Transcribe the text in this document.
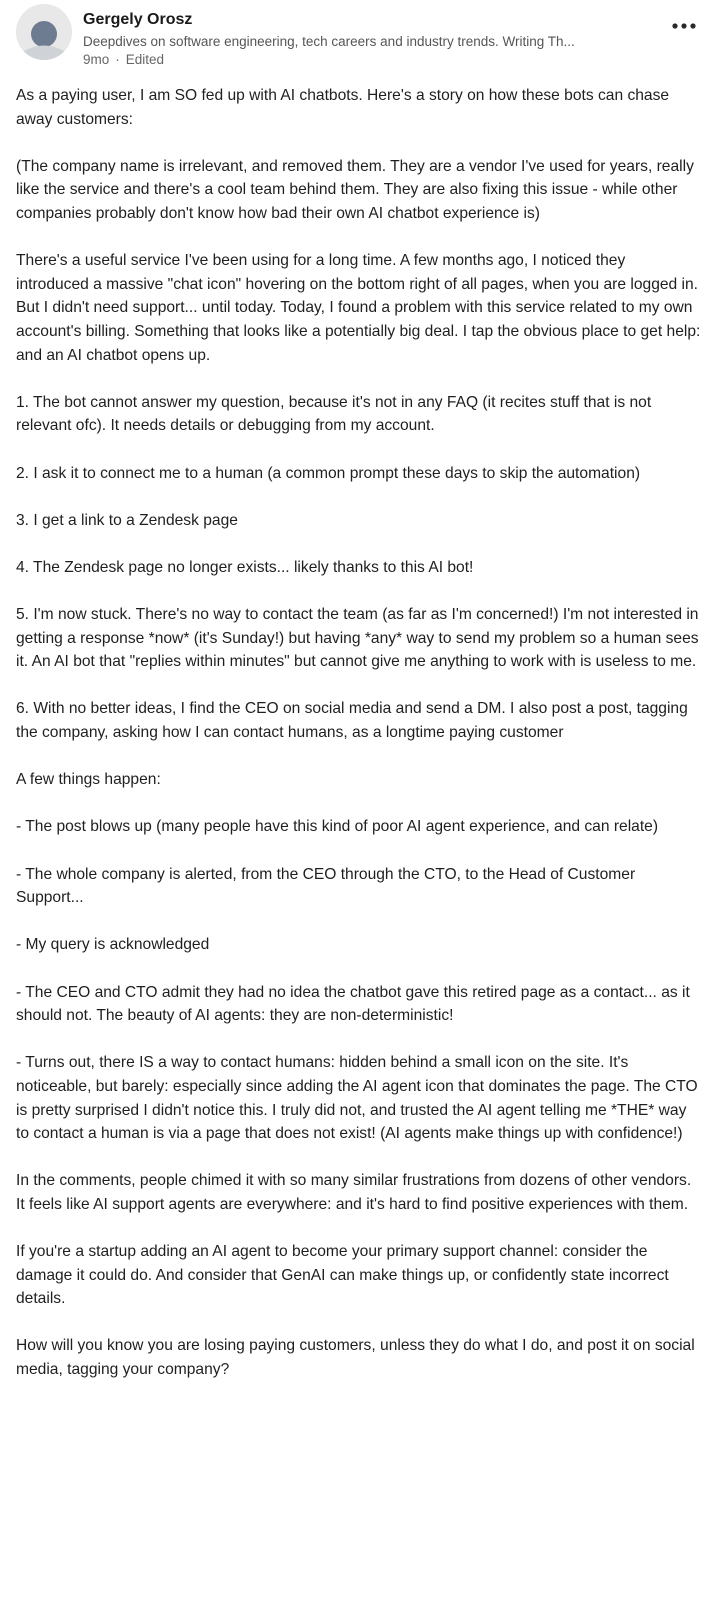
Gergely Orosz
Deepdives on software engineering, tech careers and industry trends. Writing Th...
9mo · Edited

As a paying user, I am SO fed up with AI chatbots. Here's a story on how these bots can chase away customers:

(The company name is irrelevant, and removed them. They are a vendor I've used for years, really like the service and there's a cool team behind them. They are also fixing this issue - while other companies probably don't know how bad their own AI chatbot experience is)

There's a useful service I've been using for a long time. A few months ago, I noticed they introduced a massive "chat icon" hovering on the bottom right of all pages, when you are logged in. But I didn't need support... until today. Today, I found a problem with this service related to my own account's billing. Something that looks like a potentially big deal. I tap the obvious place to get help: and an AI chatbot opens up.

1. The bot cannot answer my question, because it's not in any FAQ (it recites stuff that is not relevant ofc). It needs details or debugging from my account.

2. I ask it to connect me to a human (a common prompt these days to skip the automation)

3. I get a link to a Zendesk page

4. The Zendesk page no longer exists... likely thanks to this AI bot!

5. I'm now stuck. There's no way to contact the team (as far as I'm concerned!) I'm not interested in getting a response *now* (it's Sunday!) but having *any* way to send my problem so a human sees it. An AI bot that "replies within minutes" but cannot give me anything to work with is useless to me.

6. With no better ideas, I find the CEO on social media and send a DM. I also post a post, tagging the company, asking how I can contact humans, as a longtime paying customer

A few things happen:

- The post blows up (many people have this kind of poor AI agent experience, and can relate)

- The whole company is alerted, from the CEO through the CTO, to the Head of Customer Support...

- My query is acknowledged

- The CEO and CTO admit they had no idea the chatbot gave this retired page as a contact... as it should not. The beauty of AI agents: they are non-deterministic!

- Turns out, there IS a way to contact humans: hidden behind a small icon on the site. It's noticeable, but barely: especially since adding the AI agent icon that dominates the page. The CTO is pretty surprised I didn't notice this. I truly did not, and trusted the AI agent telling me *THE* way to contact a human is via a page that does not exist! (AI agents make things up with confidence!)

In the comments, people chimed it with so many similar frustrations from dozens of other vendors. It feels like AI support agents are everywhere: and it's hard to find positive experiences with them.

If you're a startup adding an AI agent to become your primary support channel: consider the damage it could do. And consider that GenAI can make things up, or confidently state incorrect details.

How will you know you are losing paying customers, unless they do what I do, and post it on social media, tagging your company?
